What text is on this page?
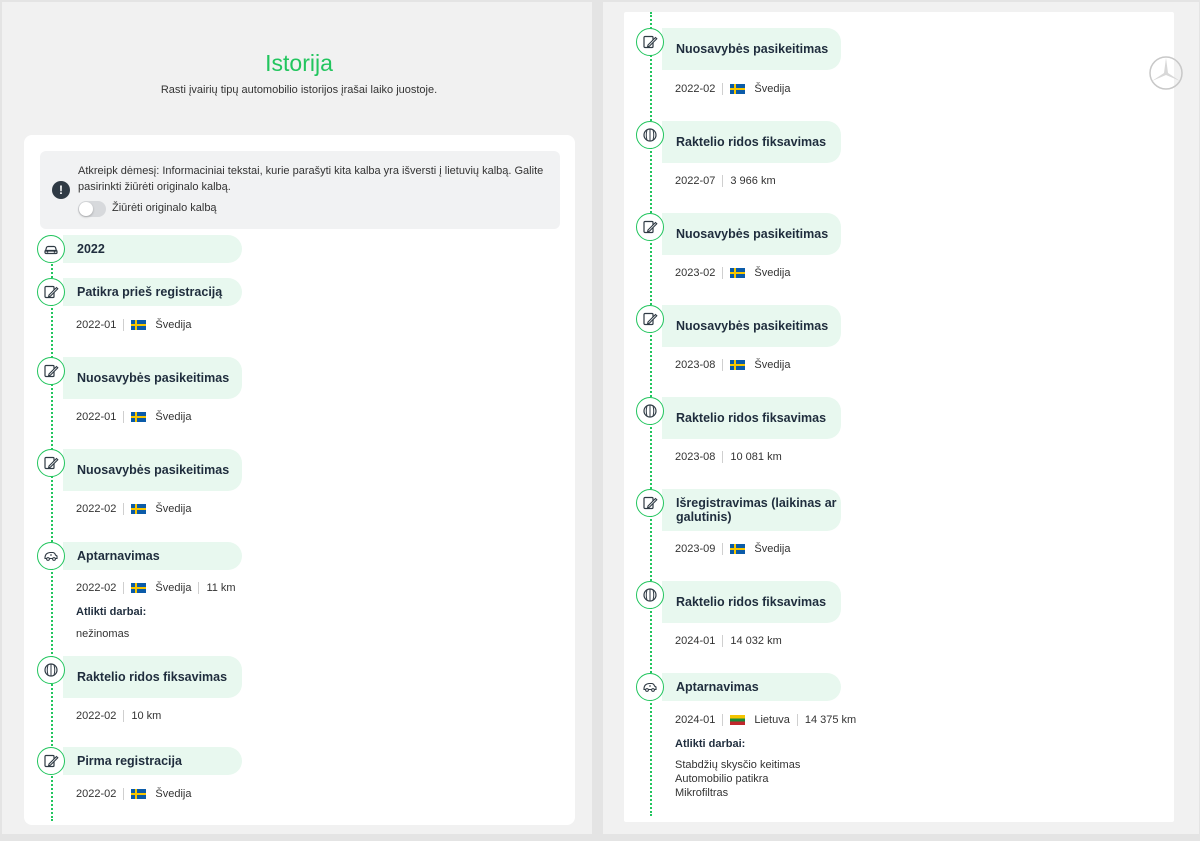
Istorija
Rasti įvairių tipų automobilio istorijos įrašai laiko juostoje.
!
Atkreipk dėmesį: Informaciniai tekstai, kurie parašyti kita kalba yra išversti į lietuvių kalbą. Galite pasirinkti žiūrėti originalo kalbą.
Žiūrėti originalo kalbą
2022
Patikra prieš registraciją
2022-01	Švedija
Nuosavybės pasikeitimas
2022-01	Švedija
Nuosavybės pasikeitimas
2022-02	Švedija
Aptarnavimas
2022-02	Švedija 11 km
Atlikti darbai:
nežinomas
Raktelio ridos fiksavimas
2022-02 10 km
Pirma registracija
2022-02	Švedija
Nuosavybės pasikeitimas
2022-02	Švedija
Raktelio ridos fiksavimas
2022-07 3 966 km
Nuosavybės pasikeitimas
2023-02	Švedija
Nuosavybės pasikeitimas
2023-08	Švedija
Raktelio ridos fiksavimas
2023-08 10 081 km
Išregistravimas (laikinas ar galutinis)
2023-09	Švedija
Raktelio ridos fiksavimas
2024-01 14 032 km
Aptarnavimas
2024-01	Lietuva 14 375 km
Atlikti darbai:
Stabdžių skysčio keitimas
Automobilio patikra
Mikrofiltras
